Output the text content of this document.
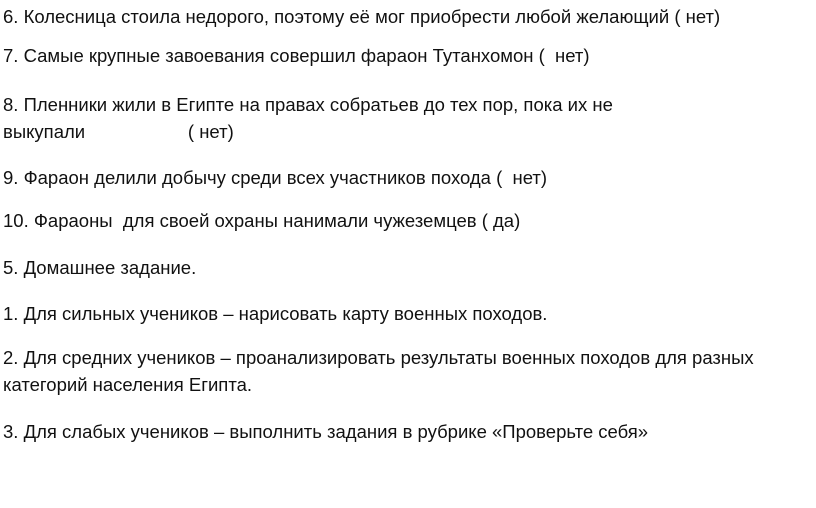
6. Колесница стоила недорого, поэтому её мог приобрести любой желающий ( нет)

7. Самые крупные завоевания совершил фараон Тутанхомон (  нет)

8. Пленники жили в Египте на правах собратьев до тех пор, пока их не

выкупали                    ( нет)

9. Фараон делили добычу среди всех участников похода (  нет)

10. Фараоны  для своей охраны нанимали чужеземцев ( да)

5. Домашнее задание.

1. Для сильных учеников – нарисовать карту военных походов.

2. Для средних учеников – проанализировать результаты военных походов для разных

категорий населения Египта.

3. Для слабых учеников – выполнить задания в рубрике «Проверьте себя»
